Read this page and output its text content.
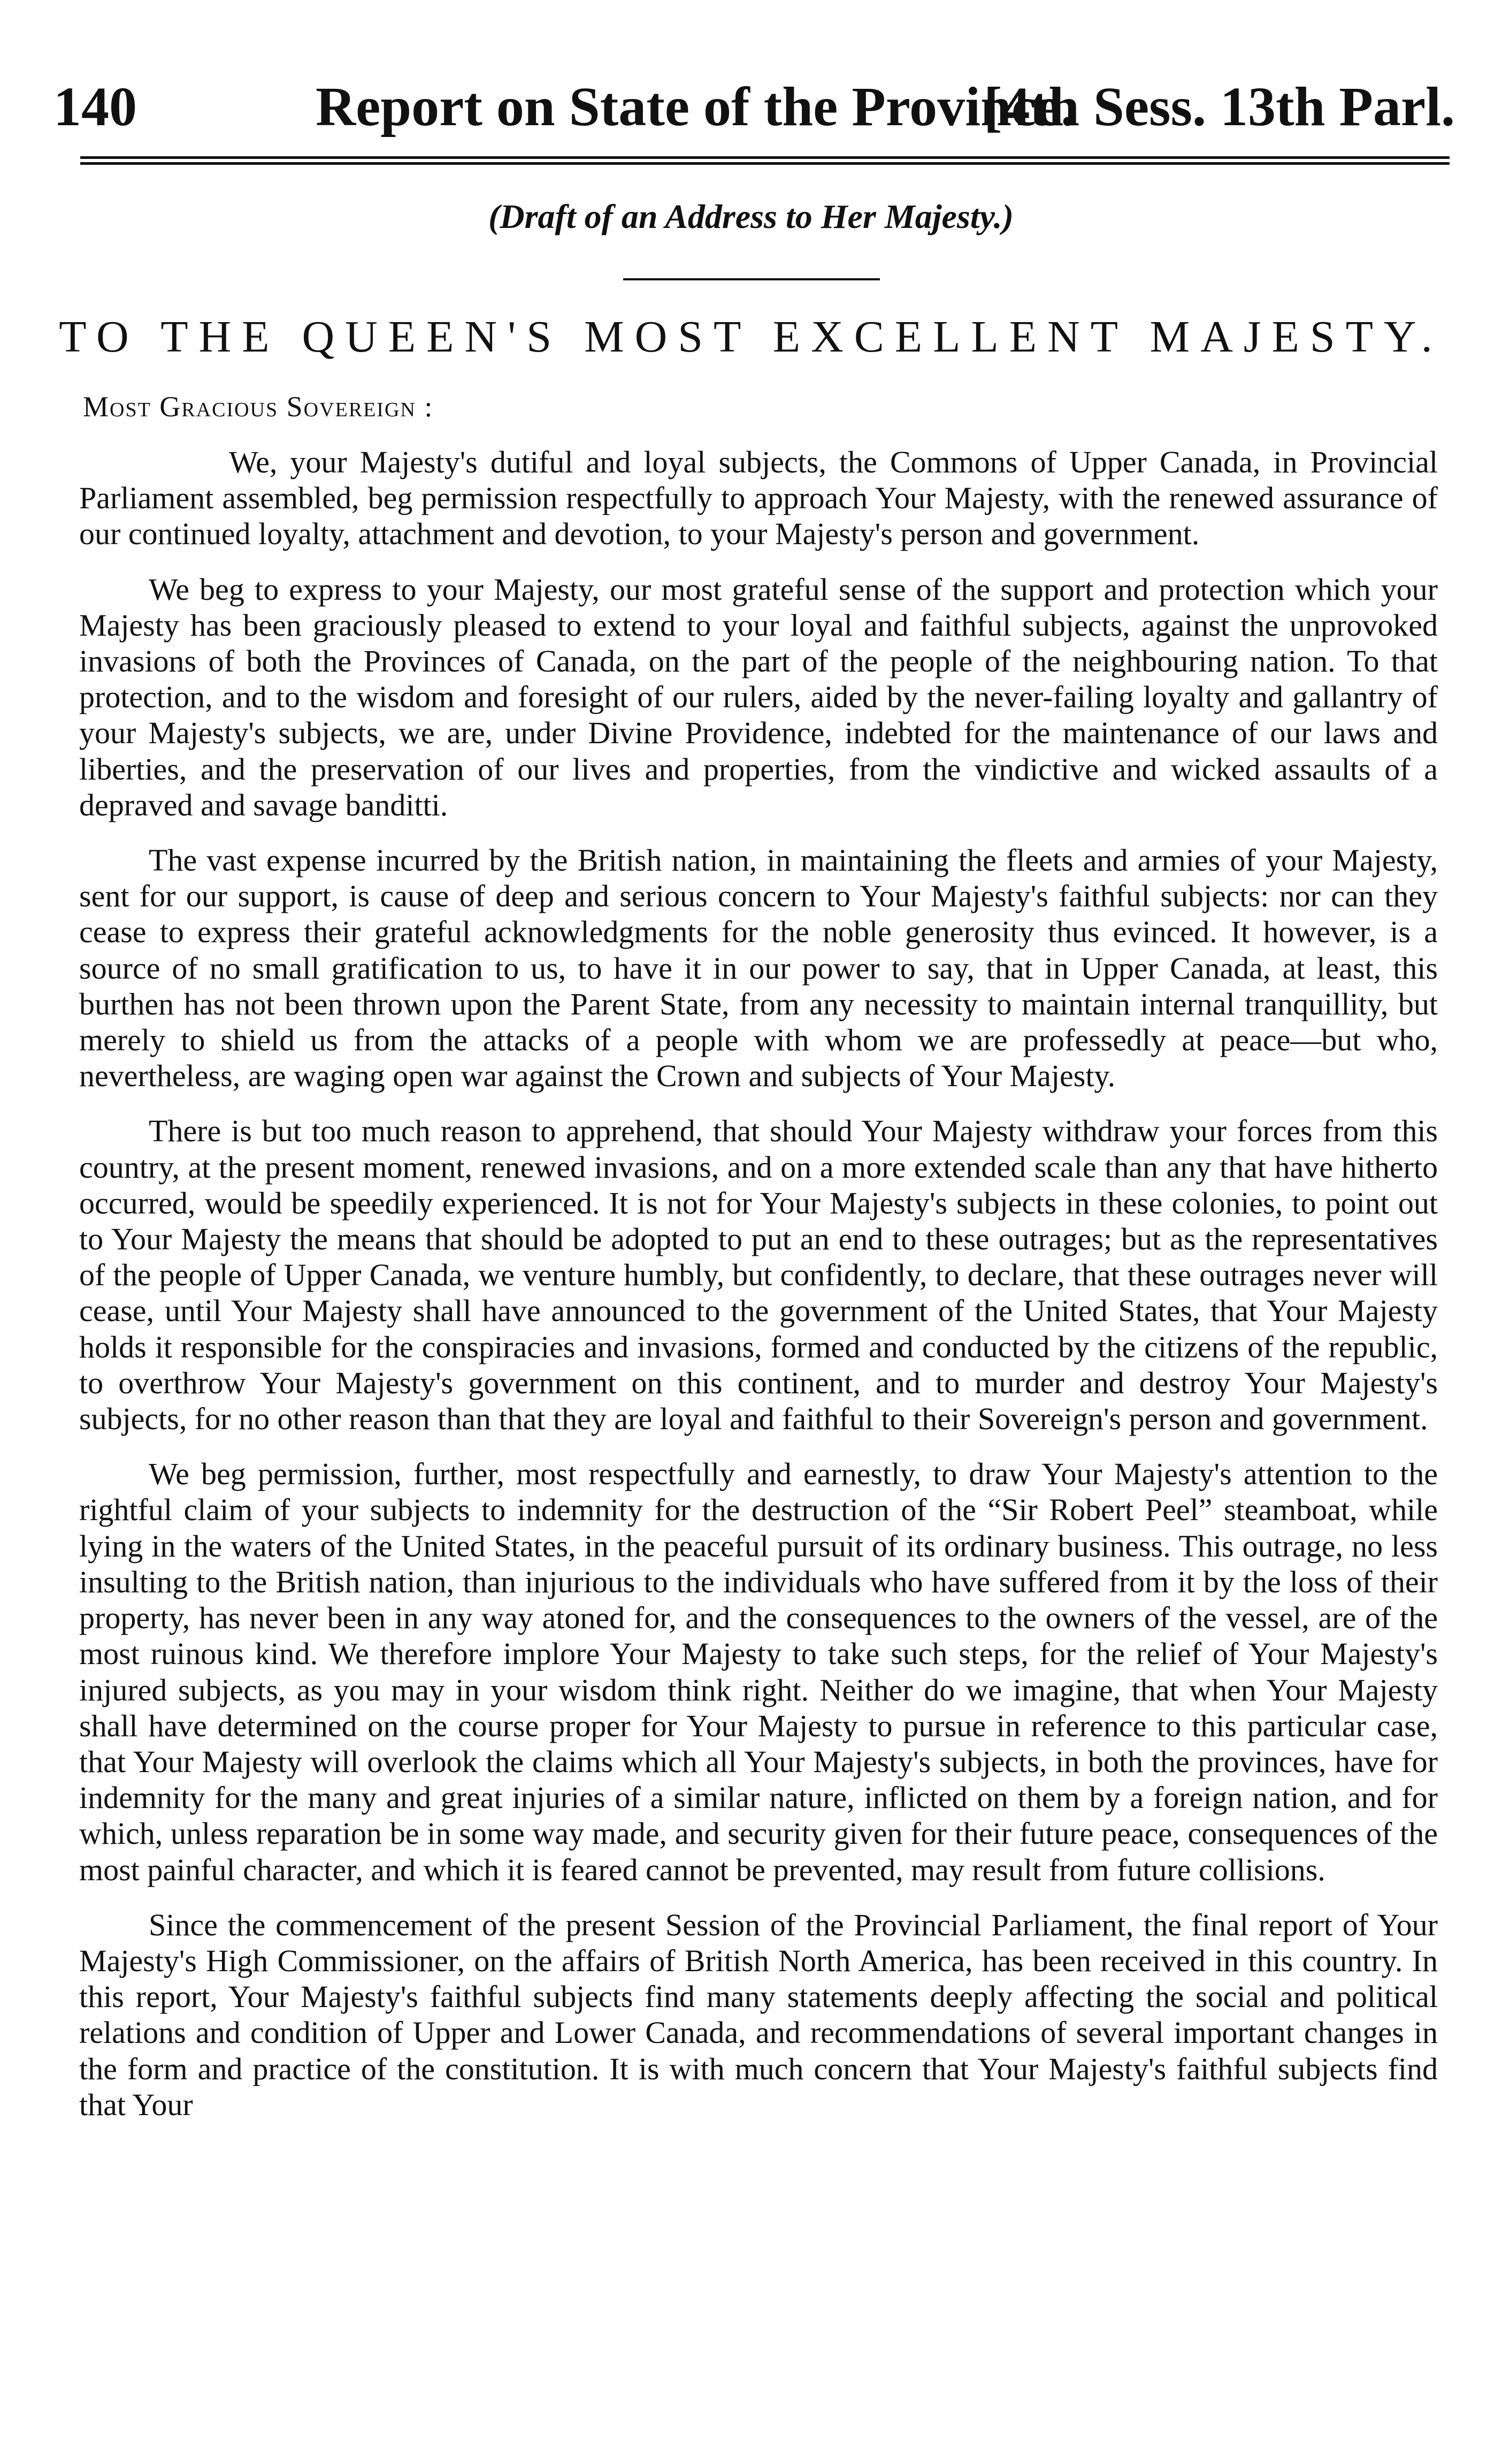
140	Report on State of the Province.
[4th Sess. 13th Parl.
(Draft of an Address to Her Majesty.)
TO THE QUEEN'S MOST EXCELLENT MAJESTY.
Most Gracious Sovereign :

We, your Majesty's dutiful and loyal subjects, the Commons of Upper Canada, in Provincial Parliament assembled, beg permission respectfully to approach Your Majesty, with the renewed assurance of our continued loyalty, attachment and devotion, to your Majesty's person and government.

We beg to express to your Majesty, our most grateful sense of the support and protection which your Majesty has been graciously pleased to extend to your loyal and faithful subjects, against the unprovoked invasions of both the Provinces of Canada, on the part of the people of the neighbouring nation. To that protection, and to the wisdom and foresight of our rulers, aided by the never-failing loyalty and gallantry of your Majesty's subjects, we are, under Divine Providence, indebted for the maintenance of our laws and liberties, and the preservation of our lives and properties, from the vindictive and wicked assaults of a depraved and savage banditti.

The vast expense incurred by the British nation, in maintaining the fleets and armies of your Majesty, sent for our support, is cause of deep and serious concern to Your Majesty's faithful subjects: nor can they cease to express their grateful acknowledgments for the noble generosity thus evinced. It however, is a source of no small gratification to us, to have it in our power to say, that in Upper Canada, at least, this burthen has not been thrown upon the Parent State, from any necessity to maintain internal tranquillity, but merely to shield us from the attacks of a people with whom we are professedly at peace—but who, nevertheless, are waging open war against the Crown and subjects of Your Majesty.

There is but too much reason to apprehend, that should Your Majesty withdraw your forces from this country, at the present moment, renewed invasions, and on a more extended scale than any that have hitherto occurred, would be speedily experienced. It is not for Your Majesty's subjects in these colonies, to point out to Your Majesty the means that should be adopted to put an end to these outrages; but as the representatives of the people of Upper Canada, we venture humbly, but confidently, to declare, that these outrages never will cease, until Your Majesty shall have announced to the government of the United States, that Your Majesty holds it responsible for the conspiracies and invasions, formed and conducted by the citizens of the republic, to overthrow Your Majesty's government on this continent, and to murder and destroy Your Majesty's subjects, for no other reason than that they are loyal and faithful to their Sovereign's person and government.

We beg permission, further, most respectfully and earnestly, to draw Your Majesty's attention to the rightful claim of your subjects to indemnity for the destruction of the “Sir Robert Peel” steamboat, while lying in the waters of the United States, in the peaceful pursuit of its ordinary business. This outrage, no less insulting to the British nation, than injurious to the individuals who have suffered from it by the loss of their property, has never been in any way atoned for, and the consequences to the owners of the vessel, are of the most ruinous kind. We therefore implore Your Majesty to take such steps, for the relief of Your Majesty's injured subjects, as you may in your wisdom think right. Neither do we imagine, that when Your Majesty shall have determined on the course proper for Your Majesty to pursue in reference to this particular case, that Your Majesty will overlook the claims which all Your Majesty's subjects, in both the provinces, have for indemnity for the many and great injuries of a similar nature, inflicted on them by a foreign nation, and for which, unless reparation be in some way made, and security given for their future peace, consequences of the most painful character, and which it is feared cannot be prevented, may result from future collisions.

Since the commencement of the present Session of the Provincial Parliament, the final report of Your Majesty's High Commissioner, on the affairs of British North America, has been received in this country. In this report, Your Majesty's faithful subjects find many statements deeply affecting the social and political relations and condition of Upper and Lower Canada, and recommendations of several important changes in the form and practice of the constitution. It is with much concern that Your Majesty's faithful subjects find that Your
